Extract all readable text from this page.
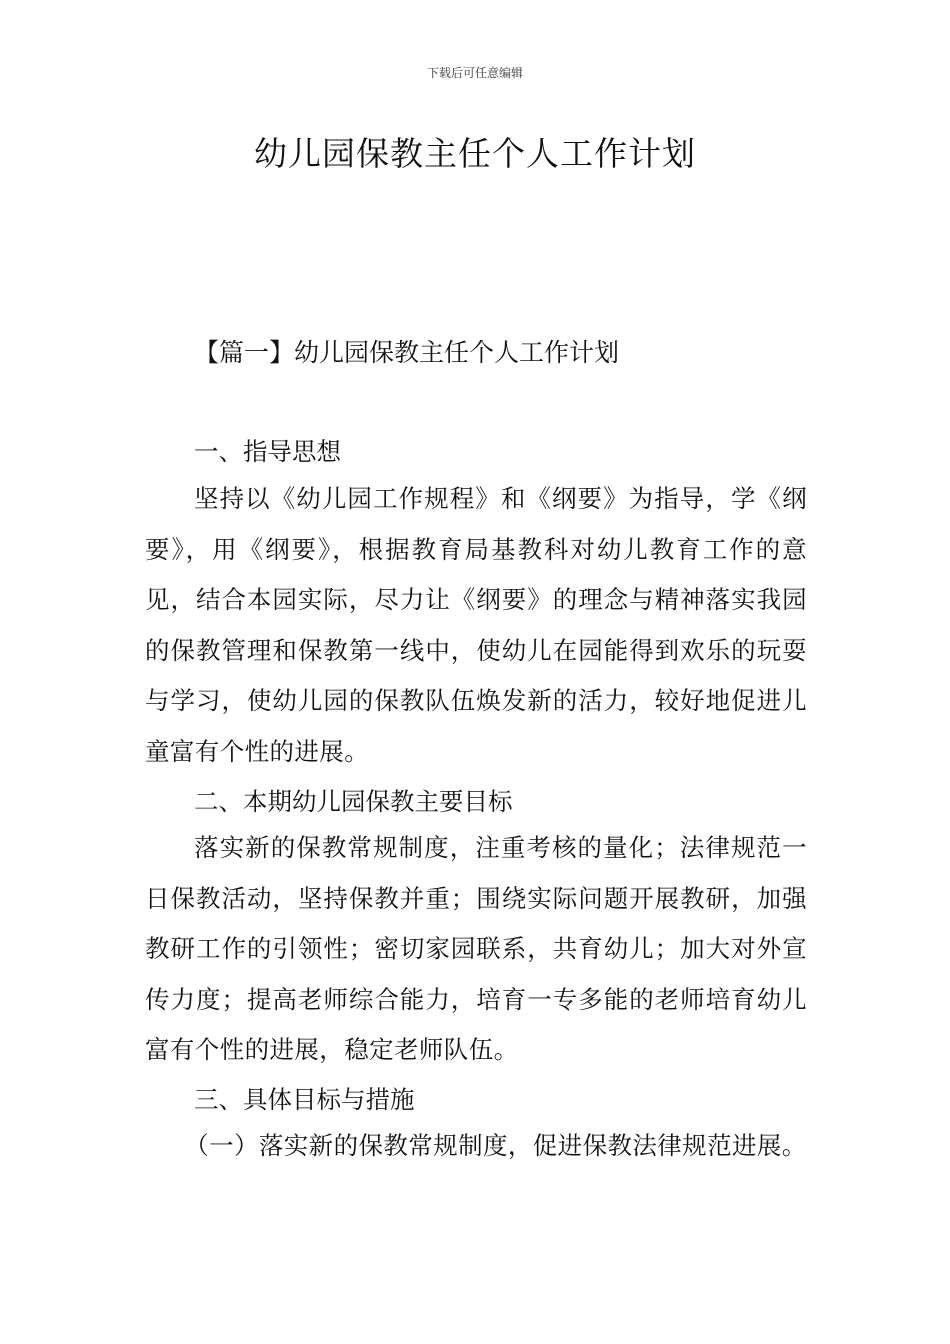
下载后可任意编辑
幼儿园保教主任个人工作计划
【篇一】幼儿园保教主任个人工作计划
一、指导思想
坚持以《幼儿园工作规程》和《纲要》为指导，学《纲要》，用《纲要》，根据教育局基教科对幼儿教育工作的意见，结合本园实际，尽力让《纲要》的理念与精神落实我园的保教管理和保教第一线中，使幼儿在园能得到欢乐的玩耍与学习，使幼儿园的保教队伍焕发新的活力，较好地促进儿童富有个性的进展。
二、本期幼儿园保教主要目标
落实新的保教常规制度，注重考核的量化；法律规范一日保教活动，坚持保教并重；围绕实际问题开展教研，加强教研工作的引领性；密切家园联系，共育幼儿；加大对外宣传力度；提高老师综合能力，培育一专多能的老师培育幼儿富有个性的进展，稳定老师队伍。
三、具体目标与措施
（一）落实新的保教常规制度，促进保教法律规范进展。
